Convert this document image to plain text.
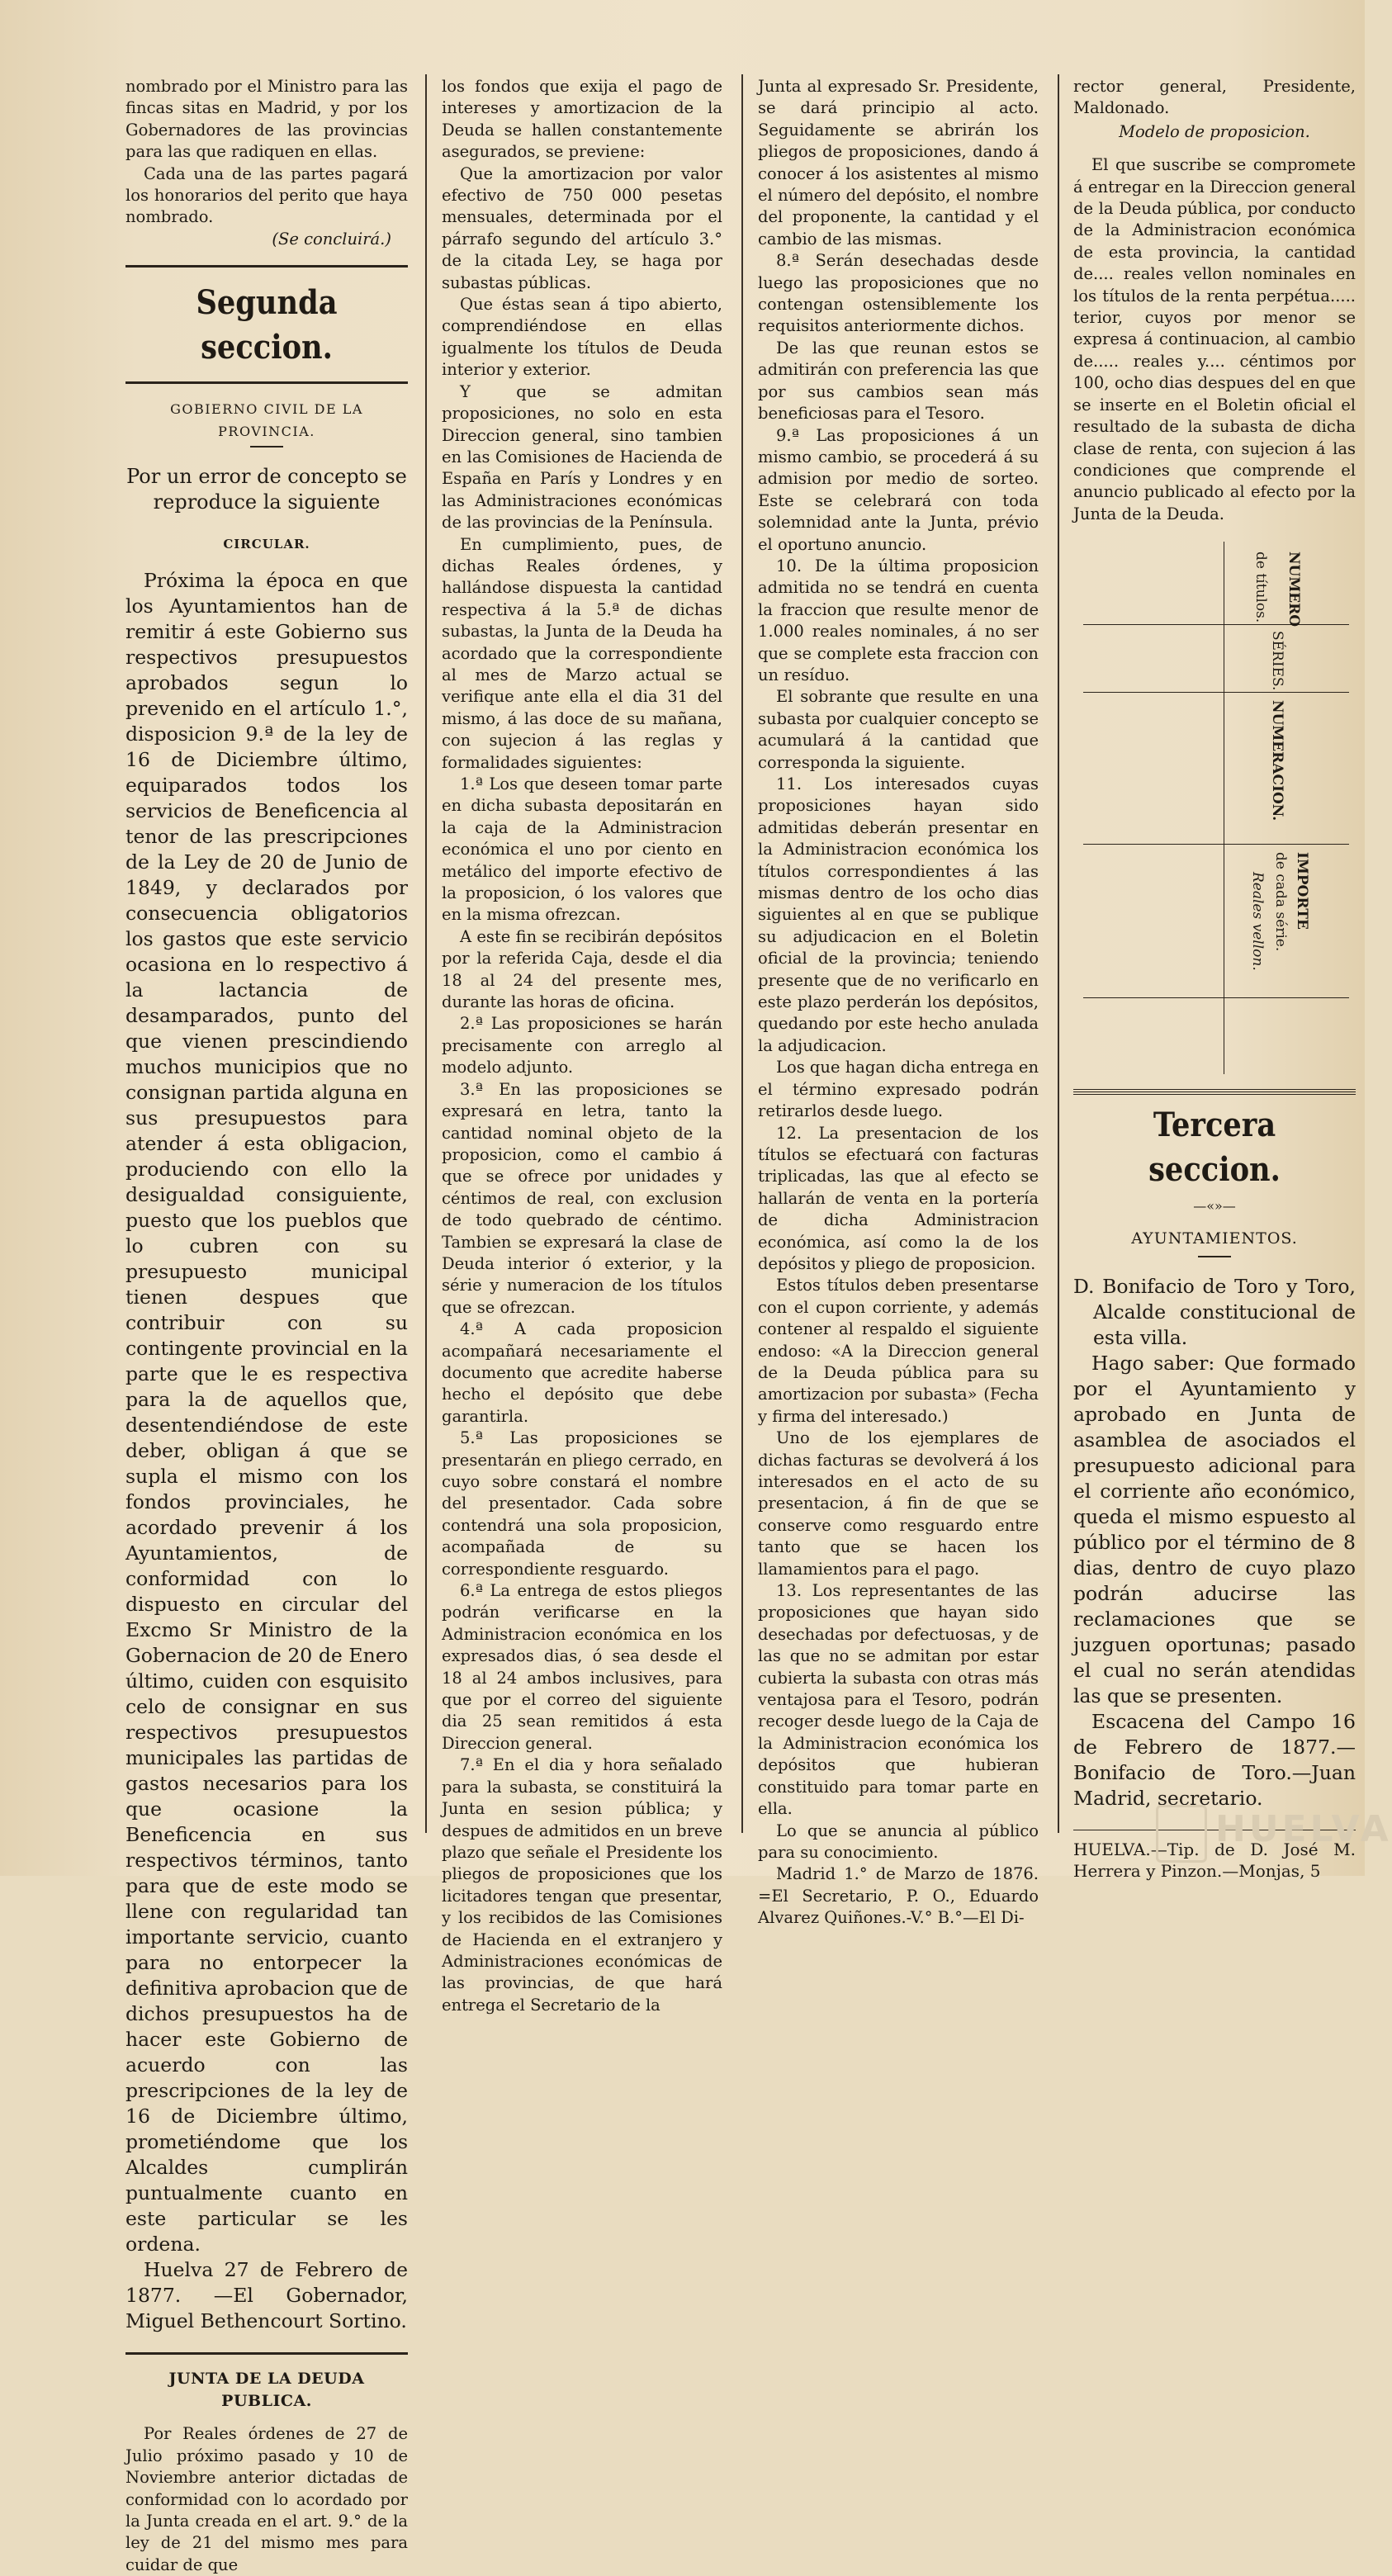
nombrado por el Ministro para las fincas sitas en Madrid, y por los Gobernadores de las provincias para las que radiquen en ellas.

Cada una de las partes pagará los honorarios del perito que haya nombrado.

(Se concluirá.)

Segunda seccion.
GOBIERNO CIVIL DE LA PROVINCIA.
Por un error de concepto se reproduce la siguiente
CIRCULAR.

Próxima la época en que los Ayuntamientos han de remitir á este Gobierno sus respectivos presupuestos aprobados segun lo prevenido en el artículo 1.°, disposicion 9.ª de la ley de 16 de Diciembre último, equiparados todos los servicios de Beneficencia al tenor de las prescripciones de la Ley de 20 de Junio de 1849, y declarados por consecuencia obligatorios los gastos que este servicio ocasiona en lo respectivo á la lactancia de desamparados, punto del que vienen prescindiendo muchos municipios que no consignan partida alguna en sus presupuestos para atender á esta obligacion, produciendo con ello la desigualdad consiguiente, puesto que los pueblos que lo cubren con su presupuesto municipal tienen despues que contribuir con su contingente provincial en la parte que le es respectiva para la de aquellos que, desentendiéndose de este deber, obligan á que se supla el mismo con los fondos provinciales, he acordado prevenir á los Ayuntamientos, de conformidad con lo dispuesto en circular del Excmo Sr Ministro de la Gobernacion de 20 de Enero último, cuiden con esquisito celo de consignar en sus respectivos presupuestos municipales las partidas de gastos necesarios para los que ocasione la Beneficencia en sus respectivos términos, tanto para que de este modo se llene con regularidad tan importante servicio, cuanto para no entorpecer la definitiva aprobacion que de dichos presupuestos ha de hacer este Gobierno de acuerdo con las prescripciones de la ley de 16 de Diciembre último, prometiéndome que los Alcaldes cumplirán puntualmente cuanto en este particular se les ordena.

Huelva 27 de Febrero de 1877. —El Gobernador, Miguel Bethencourt Sortino.

JUNTA DE LA DEUDA PUBLICA.

Por Reales órdenes de 27 de Julio próximo pasado y 10 de Noviembre anterior dictadas de conformidad con lo acordado por la Junta creada en el art. 9.° de la ley de 21 del mismo mes para cuidar de que

los fondos que exija el pago de intereses y amortizacion de la Deuda se hallen constantemente asegurados, se previene:

Que la amortizacion por valor efectivo de 750 000 pesetas mensuales, determinada por el párrafo segundo del artículo 3.° de la citada Ley, se haga por subastas públicas.

Que éstas sean á tipo abierto, comprendiéndose en ellas igualmente los títulos de Deuda interior y exterior.

Y que se admitan proposiciones, no solo en esta Direccion general, sino tambien en las Comisiones de Hacienda de España en París y Londres y en las Administraciones económicas de las provincias de la Península.

En cumplimiento, pues, de dichas Reales órdenes, y hallándose dispuesta la cantidad respectiva á la 5.ª de dichas subastas, la Junta de la Deuda ha acordado que la correspondiente al mes de Marzo actual se verifique ante ella el dia 31 del mismo, á las doce de su mañana, con sujecion á las reglas y formalidades siguientes:

1.ª Los que deseen tomar parte en dicha subasta depositarán en la caja de la Administracion económica el uno por ciento en metálico del importe efectivo de la proposicion, ó los valores que en la misma ofrezcan.

A este fin se recibirán depósitos por la referida Caja, desde el dia 18 al 24 del presente mes, durante las horas de oficina.

2.ª Las proposiciones se harán precisamente con arreglo al modelo adjunto.

3.ª En las proposiciones se expresará en letra, tanto la cantidad nominal objeto de la proposicion, como el cambio á que se ofrece por unidades y céntimos de real, con exclusion de todo quebrado de céntimo. Tambien se expresará la clase de Deuda interior ó exterior, y la série y numeracion de los títulos que se ofrezcan.

4.ª A cada proposicion acompañará necesariamente el documento que acredite haberse hecho el depósito que debe garantirla.

5.ª Las proposiciones se presentarán en pliego cerrado, en cuyo sobre constará el nombre del presentador. Cada sobre contendrá una sola proposicion, acompañada de su correspondiente resguardo.

6.ª La entrega de estos pliegos podrán verificarse en la Administracion económica en los expresados dias, ó sea desde el 18 al 24 ambos inclusives, para que por el correo del siguiente dia 25 sean remitidos á esta Direccion general.

7.ª En el dia y hora señalado para la subasta, se constituirá la Junta en sesion pública; y despues de admitidos en un breve plazo que señale el Presidente los pliegos de proposiciones que los licitadores tengan que presentar, y los recibidos de las Comisiones de Hacienda en el extranjero y Administraciones económicas de las provincias, de que hará entrega el Secretario de la

Junta al expresado Sr. Presidente, se dará principio al acto. Seguidamente se abrirán los pliegos de proposiciones, dando á conocer á los asistentes al mismo el número del depósito, el nombre del proponente, la cantidad y el cambio de las mismas.

8.ª Serán desechadas desde luego las proposiciones que no contengan ostensiblemente los requisitos anteriormente dichos.

De las que reunan estos se admitirán con preferencia las que por sus cambios sean más beneficiosas para el Tesoro.

9.ª Las proposiciones á un mismo cambio, se procederá á su admision por medio de sorteo. Este se celebrará con toda solemnidad ante la Junta, prévio el oportuno anuncio.

10. De la última proposicion admitida no se tendrá en cuenta la fraccion que resulte menor de 1.000 reales nominales, á no ser que se complete esta fraccion con un resíduo.

El sobrante que resulte en una subasta por cualquier concepto se acumulará á la cantidad que corresponda la siguiente.

11. Los interesados cuyas proposiciones hayan sido admitidas deberán presentar en la Administracion económica los títulos correspondientes á las mismas dentro de los ocho dias siguientes al en que se publique su adjudicacion en el Boletin oficial de la provincia; teniendo presente que de no verificarlo en este plazo perderán los depósitos, quedando por este hecho anulada la adjudicacion.

Los que hagan dicha entrega en el término expresado podrán retirarlos desde luego.

12. La presentacion de los títulos se efectuará con facturas triplicadas, las que al efecto se hallarán de venta en la portería de dicha Administracion económica, así como la de los depósitos y pliego de proposicion.

Estos títulos deben presentarse con el cupon corriente, y además contener al respaldo el siguiente endoso: «A la Direccion general de la Deuda pública para su amortizacion por subasta» (Fecha y firma del interesado.)

Uno de los ejemplares de dichas facturas se devolverá á los interesados en el acto de su presentacion, á fin de que se conserve como resguardo entre tanto que se hacen los llamamientos para el pago.

13. Los representantes de las proposiciones que hayan sido desechadas por defectuosas, y de las que no se admitan por estar cubierta la subasta con otras más ventajosa para el Tesoro, podrán recoger desde luego de la Caja de la Administracion económica los depósitos que hubieran constituido para tomar parte en ella.

Lo que se anuncia al público para su conocimiento.

Madrid 1.° de Marzo de 1876. =El Secretario, P. O., Eduardo Alvarez Quiñones.-V.° B.°—El Di-

rector general, Presidente, Maldonado.

Modelo de proposicion.

El que suscribe se compromete á entregar en la Direccion general de la Deuda pública, por conducto de la Administracion económica de esta provincia, la cantidad de.... reales vellon nominales en los títulos de la renta perpétua..... terior, cuyos por menor se expresa á continuacion, al cambio de..... reales y.... céntimos por 100, ocho dias despues del en que se inserte en el Boletin oficial el resultado de la subasta de dicha clase de renta, con sujecion á las condiciones que comprende el anuncio publicado al efecto por la Junta de la Deuda.

NUMERO
de títulos.
SÉRIES.
NUMERACION.
IMPORTE
de cada série.
Reales vellon.
Tercera seccion.
—«»—
AYUNTAMIENTOS.

D. Bonifacio de Toro y Toro, Alcalde constitucional de esta villa.

Hago saber: Que formado por el Ayuntamiento y aprobado en Junta de asamblea de asociados el presupuesto adicional para el corriente año económico, queda el mismo espuesto al público por el término de 8 dias, dentro de cuyo plazo podrán aducirse las reclamaciones que se juzguen oportunas; pasado el cual no serán atendidas las que se presenten.

Escacena del Campo 16 de Febrero de 1877.—Bonifacio de Toro.—Juan Madrid, secretario.

HUELVA.—Tip. de D. José M. Herrera y Pinzon.—Monjas, 5

HUELVA
